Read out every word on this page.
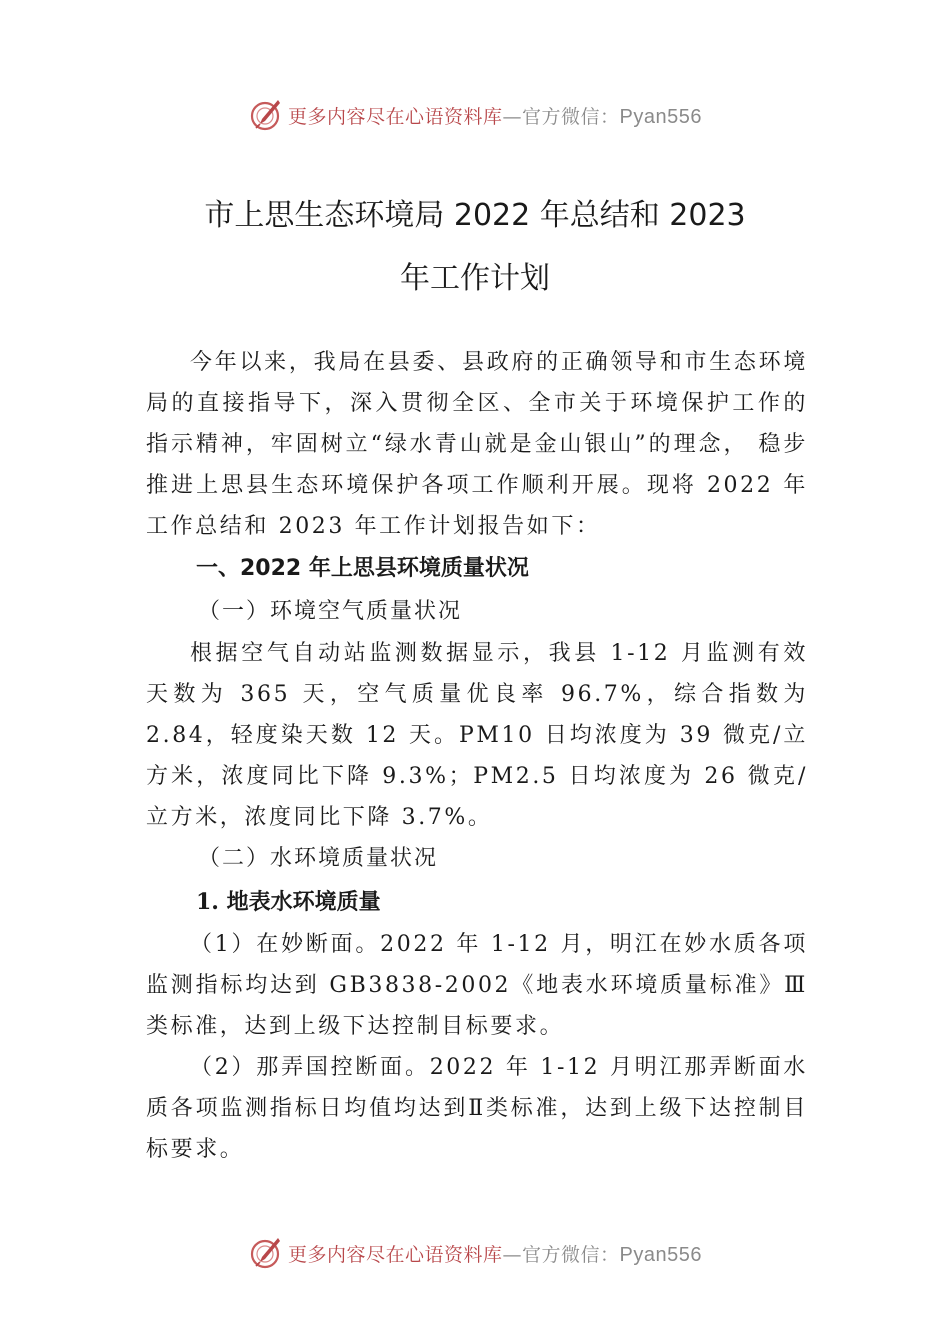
更多内容尽在心语资料库—官方微信：Pyan556
市上思生态环境局 2022 年总结和 2023
年工作计划

今年以来，我局在县委、县政府的正确领导和市生态环境局的直接指导下，深入贯彻全区、全市关于环境保护工作的指示精神，牢固树立“绿水青山就是金山银山”的理念， 稳步推进上思县生态环境保护各项工作顺利开展。现将 2022 年工作总结和 2023 年工作计划报告如下：

一、2022 年上思县环境质量状况

（一）环境空气质量状况

根据空气自动站监测数据显示，我县 1-12 月监测有效天数为 365 天，空气质量优良率 96.7%，综合指数为 2.84，轻度染天数 12 天。PM10 日均浓度为 39 微克/立方米，浓度同比下降 9.3%；PM2.5 日均浓度为 26 微克/立方米，浓度同比下降 3.7%。

（二）水环境质量状况

1. 地表水环境质量

（1）在妙断面。2022 年 1-12 月，明江在妙水质各项监测指标均达到 GB3838-2002《地表水环境质量标准》Ⅲ类标准，达到上级下达控制目标要求。

（2）那弄国控断面。2022 年 1-12 月明江那弄断面水质各项监测指标日均值均达到Ⅱ类标准，达到上级下达控制目标要求。

更多内容尽在心语资料库—官方微信：Pyan556
